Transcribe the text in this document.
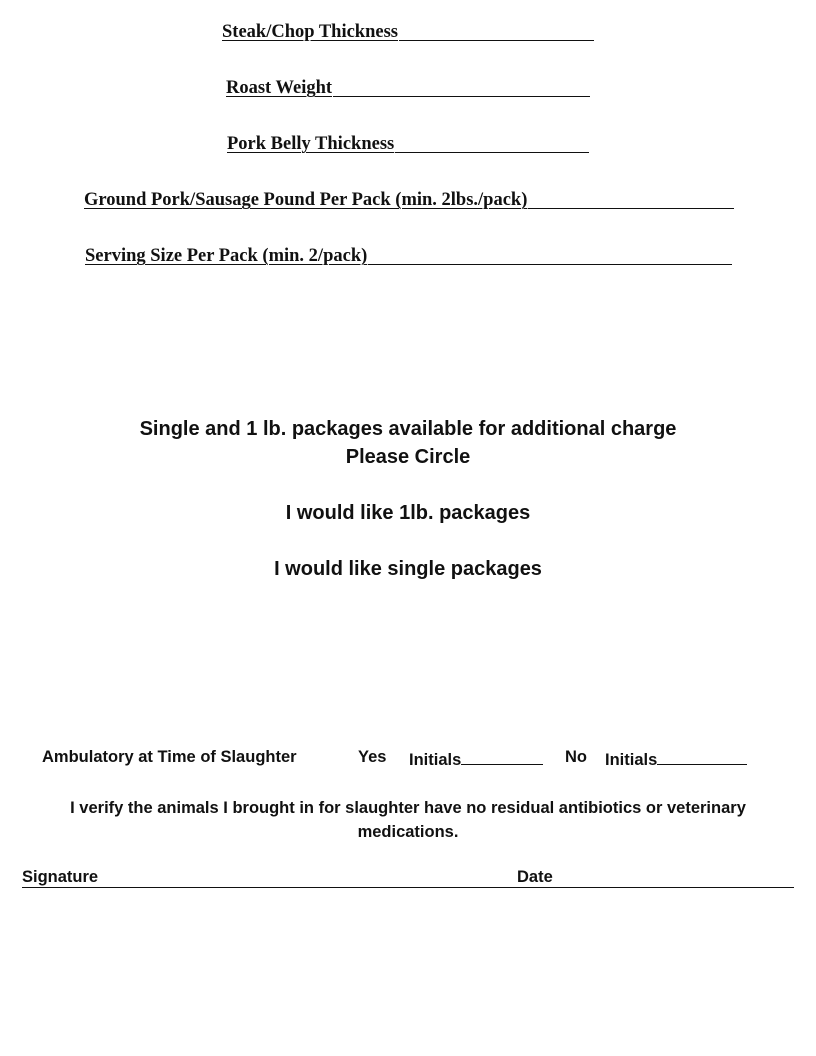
Steak/Chop Thickness
Roast Weight
Pork Belly Thickness
Ground Pork/Sausage Pound Per Pack (min. 2lbs./pack)
Serving Size Per Pack (min. 2/pack)
Single and 1 lb. packages available for additional charge
Please Circle
I would like 1lb. packages
I would like single packages
Ambulatory at Time of Slaughter	Yes Initials	No Initials
I verify the animals I brought in for slaughter have no residual antibiotics or veterinary medications.
Signature	Date
